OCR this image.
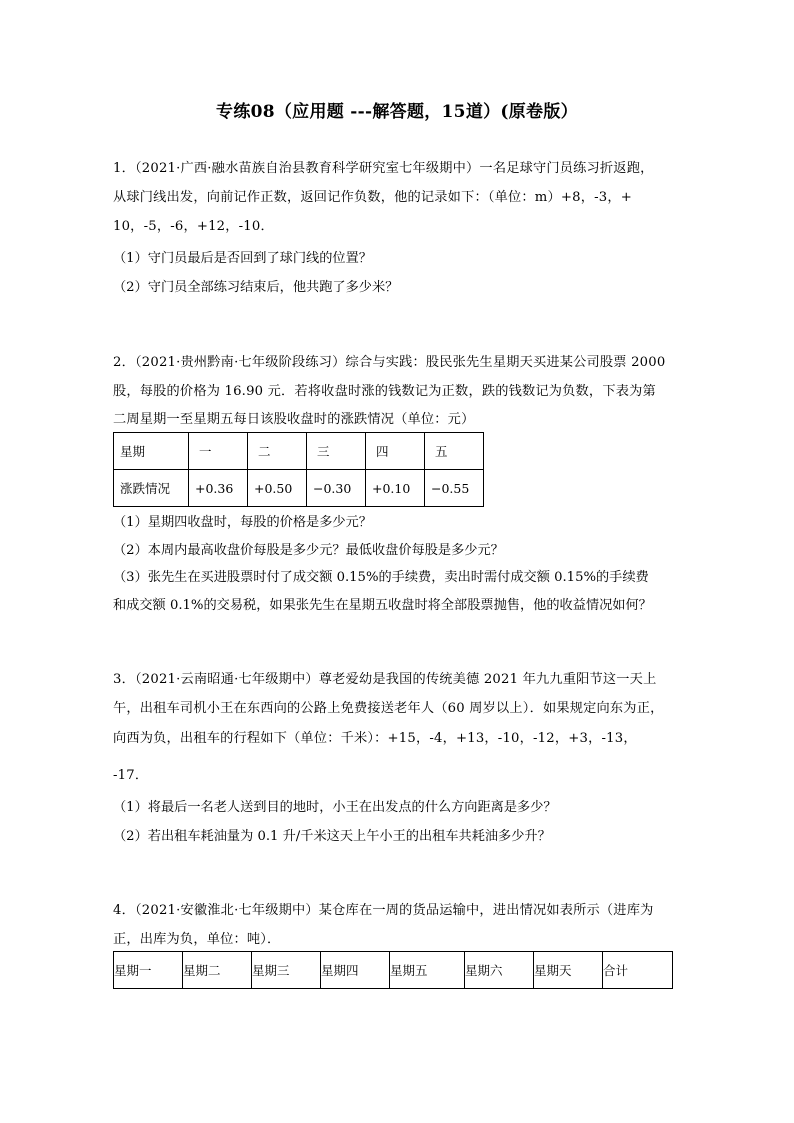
专练08（应用题 ---解答题，15道）(原卷版）
1．（2021·广西·融水苗族自治县教育科学研究室七年级期中）一名足球守门员练习折返跑，
从球门线出发，向前记作正数，返回记作负数，他的记录如下：（单位：m）+8，-3，+
10，-5，-6，+12，-10．
（1）守门员最后是否回到了球门线的位置？
（2）守门员全部练习结束后，他共跑了多少米？
2．（2021·贵州黔南·七年级阶段练习）综合与实践：股民张先生星期天买进某公司股票 2000
股，每股的价格为 16.90 元．若将收盘时涨的钱数记为正数，跌的钱数记为负数，下表为第
二周星期一至星期五每日该股收盘时的涨跌情况（单位：元）
星期	一	二	三	四	五
涨跌情况	+0.36	+0.50	−0.30	+0.10	−0.55
（1）星期四收盘时，每股的价格是多少元？
（2）本周内最高收盘价每股是多少元？最低收盘价每股是多少元？
（3）张先生在买进股票时付了成交额 0.15%的手续费，卖出时需付成交额 0.15%的手续费
和成交额 0.1%的交易税，如果张先生在星期五收盘时将全部股票抛售，他的收益情况如何？
3．（2021·云南昭通·七年级期中）尊老爱幼是我国的传统美德 2021 年九九重阳节这一天上
午，出租车司机小王在东西向的公路上免费接送老年人（60 周岁以上）．如果规定向东为正，
向西为负，出租车的行程如下（单位：千米）：+15，-4，+13，-10，-12，+3，-13，
-17．
（1）将最后一名老人送到目的地时，小王在出发点的什么方向距离是多少？
（2）若出租车耗油量为 0.1 升/千米这天上午小王的出租车共耗油多少升？
4．（2021·安徽淮北·七年级期中）某仓库在一周的货品运输中，进出情况如表所示（进库为
正，出库为负，单位：吨）．
星期一	星期二	星期三	星期四	星期五	星期六	星期天	合计
